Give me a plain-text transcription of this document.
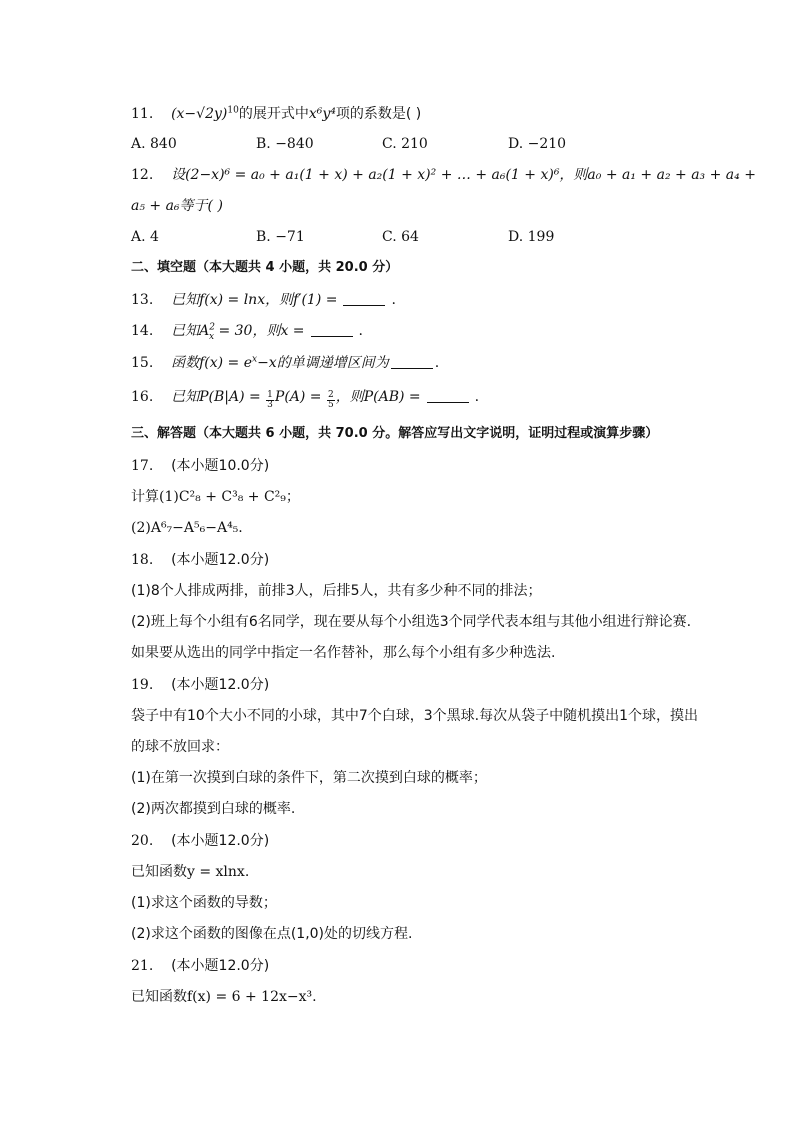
11. $(x-√2y)^{10}$的展开式中x⁶y⁴项的系数是( )
A. 840	B. −840	C. 210	D. −210
12. 设(2−x)⁶ = a₀ + a₁(1 + x) + a₂(1 + x)² + … + a₆(1 + x)⁶，则a₀ + a₁ + a₂ + a₃ + a₄ +
a₅ + a₆等于( )
A. 4	B. −71	C. 64	D. 199
二、填空题（本大题共 4 小题，共 20.0 分）
13. 已知f(x) = lnx，则f′(1) =	.
14. 已知$A^2_x = 30$，则x =	.
15. 函数$f(x) = e^x-x$的单调递增区间为	.
16. 已知$P(B|A) = \frac{1}{3} P(A) = \frac{2}{5}$ ，则P(AB) =	.
三、解答题（本大题共 6 小题，共 70.0 分。解答应写出文字说明，证明过程或演算步骤）
17. (本小题10.0分)
计算(1)C²₈ + C³₈ + C²₉；
(2)A⁶₇−A⁵₆−A⁴₅.
18. (本小题12.0分)
(1)8个人排成两排，前排3人，后排5人，共有多少种不同的排法；
(2)班上每个小组有6名同学，现在要从每个小组选3个同学代表本组与其他小组进行辩论赛.
如果要从选出的同学中指定一名作替补，那么每个小组有多少种选法.
19. (本小题12.0分)
袋子中有10个大小不同的小球，其中7个白球，3个黑球.每次从袋子中随机摸出1个球，摸出
的球不放回求：
(1)在第一次摸到白球的条件下，第二次摸到白球的概率；
(2)两次都摸到白球的概率.
20. (本小题12.0分)
已知函数y = xlnx.
(1)求这个函数的导数；
(2)求这个函数的图像在点(1,0)处的切线方程.
21. (本小题12.0分)
已知函数f(x) = 6 + 12x−x³.
